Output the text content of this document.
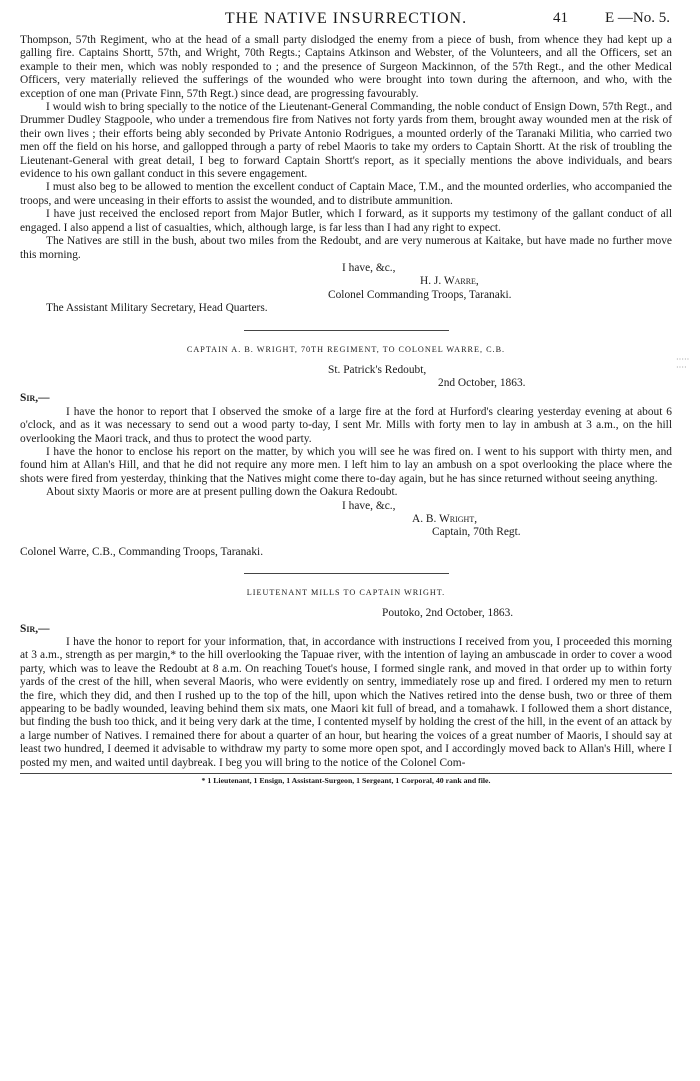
·····
····
THE NATIVE INSURRECTION.	41 E —No. 5.

Thompson, 57th Regiment, who at the head of a small party dislodged the enemy from a piece of bush, from whence they had kept up a galling fire. Captains Shortt, 57th, and Wright, 70th Regts.; Captains Atkinson and Webster, of the Volunteers, and all the Officers, set an example to their men, which was nobly responded to ; and the presence of Surgeon Mackinnon, of the 57th Regt., and the other Medical Officers, very materially relieved the sufferings of the wounded who were brought into town during the afternoon, and who, with the exception of one man (Private Finn, 57th Regt.) since dead, are progressing favourably.

I would wish to bring specially to the notice of the Lieutenant-General Commanding, the noble conduct of Ensign Down, 57th Regt., and Drummer Dudley Stagpoole, who under a tremendous fire from Natives not forty yards from them, brought away wounded men at the risk of their own lives ; their efforts being ably seconded by Private Antonio Rodrigues, a mounted orderly of the Taranaki Militia, who carried two men off the field on his horse, and gallopped through a party of rebel Maoris to take my orders to Captain Shortt. At the risk of troubling the Lieutenant-General with great detail, I beg to forward Captain Shortt's report, as it specially mentions the above individuals, and bears evidence to his own gallant conduct in this severe engagement.

I must also beg to be allowed to mention the excellent conduct of Captain Mace, T.M., and the mounted orderlies, who accompanied the troops, and were unceasing in their efforts to assist the wounded, and to distribute ammunition.

I have just received the enclosed report from Major Butler, which I forward, as it supports my testimony of the gallant conduct of all engaged. I also append a list of casualties, which, although large, is far less than I had any right to expect.

The Natives are still in the bush, about two miles from the Redoubt, and are very numerous at Kaitake, but have made no further move this morning.

I have, &c.,
H. J. Warre,
Colonel Commanding Troops, Taranaki.
The Assistant Military Secretary, Head Quarters.
CAPTAIN A. B. WRIGHT, 70TH REGIMENT, TO COLONEL WARRE, C.B.
St. Patrick's Redoubt,
2nd October, 1863.
Sir,—

I have the honor to report that I observed the smoke of a large fire at the ford at Hurford's clearing yesterday evening at about 6 o'clock, and as it was necessary to send out a wood party to-day, I sent Mr. Mills with forty men to lay in ambush at 3 a.m., on the hill overlooking the Maori track, and thus to protect the wood party.

I have the honor to enclose his report on the matter, by which you will see he was fired on. I went to his support with thirty men, and found him at Allan's Hill, and that he did not require any more men. I left him to lay an ambush on a spot overlooking the place where the shots were fired from yesterday, thinking that the Natives might come there to-day again, but he has since returned without seeing anything.

About sixty Maoris or more are at present pulling down the Oakura Redoubt.

I have, &c.,
A. B. Wright,
Captain, 70th Regt.
Colonel Warre, C.B., Commanding Troops, Taranaki.
LIEUTENANT MILLS TO CAPTAIN WRIGHT.
Poutoko, 2nd October, 1863.
Sir,—

I have the honor to report for your information, that, in accordance with instructions I received from you, I proceeded this morning at 3 a.m., strength as per margin,* to the hill overlooking the Tapuae river, with the intention of laying an ambuscade in order to cover a wood party, which was to leave the Redoubt at 8 a.m. On reaching Touet's house, I formed single rank, and moved in that order up to within forty yards of the crest of the hill, when several Maoris, who were evidently on sentry, immediately rose up and fired. I ordered my men to return the fire, which they did, and then I rushed up to the top of the hill, upon which the Natives retired into the dense bush, two or three of them appearing to be badly wounded, leaving behind them six mats, one Maori kit full of bread, and a tomahawk. I followed them a short distance, but finding the bush too thick, and it being very dark at the time, I contented myself by holding the crest of the hill, in the event of an attack by a large number of Natives. I remained there for about a quarter of an hour, but hearing the voices of a great number of Maoris, I should say at least two hundred, I deemed it advisable to withdraw my party to some more open spot, and I accordingly moved back to Allan's Hill, where I posted my men, and waited until daybreak. I beg you will bring to the notice of the Colonel Com-

* 1 Lieutenant, 1 Ensign, 1 Assistant-Surgeon, 1 Sergeant, 1 Corporal, 40 rank and file.
